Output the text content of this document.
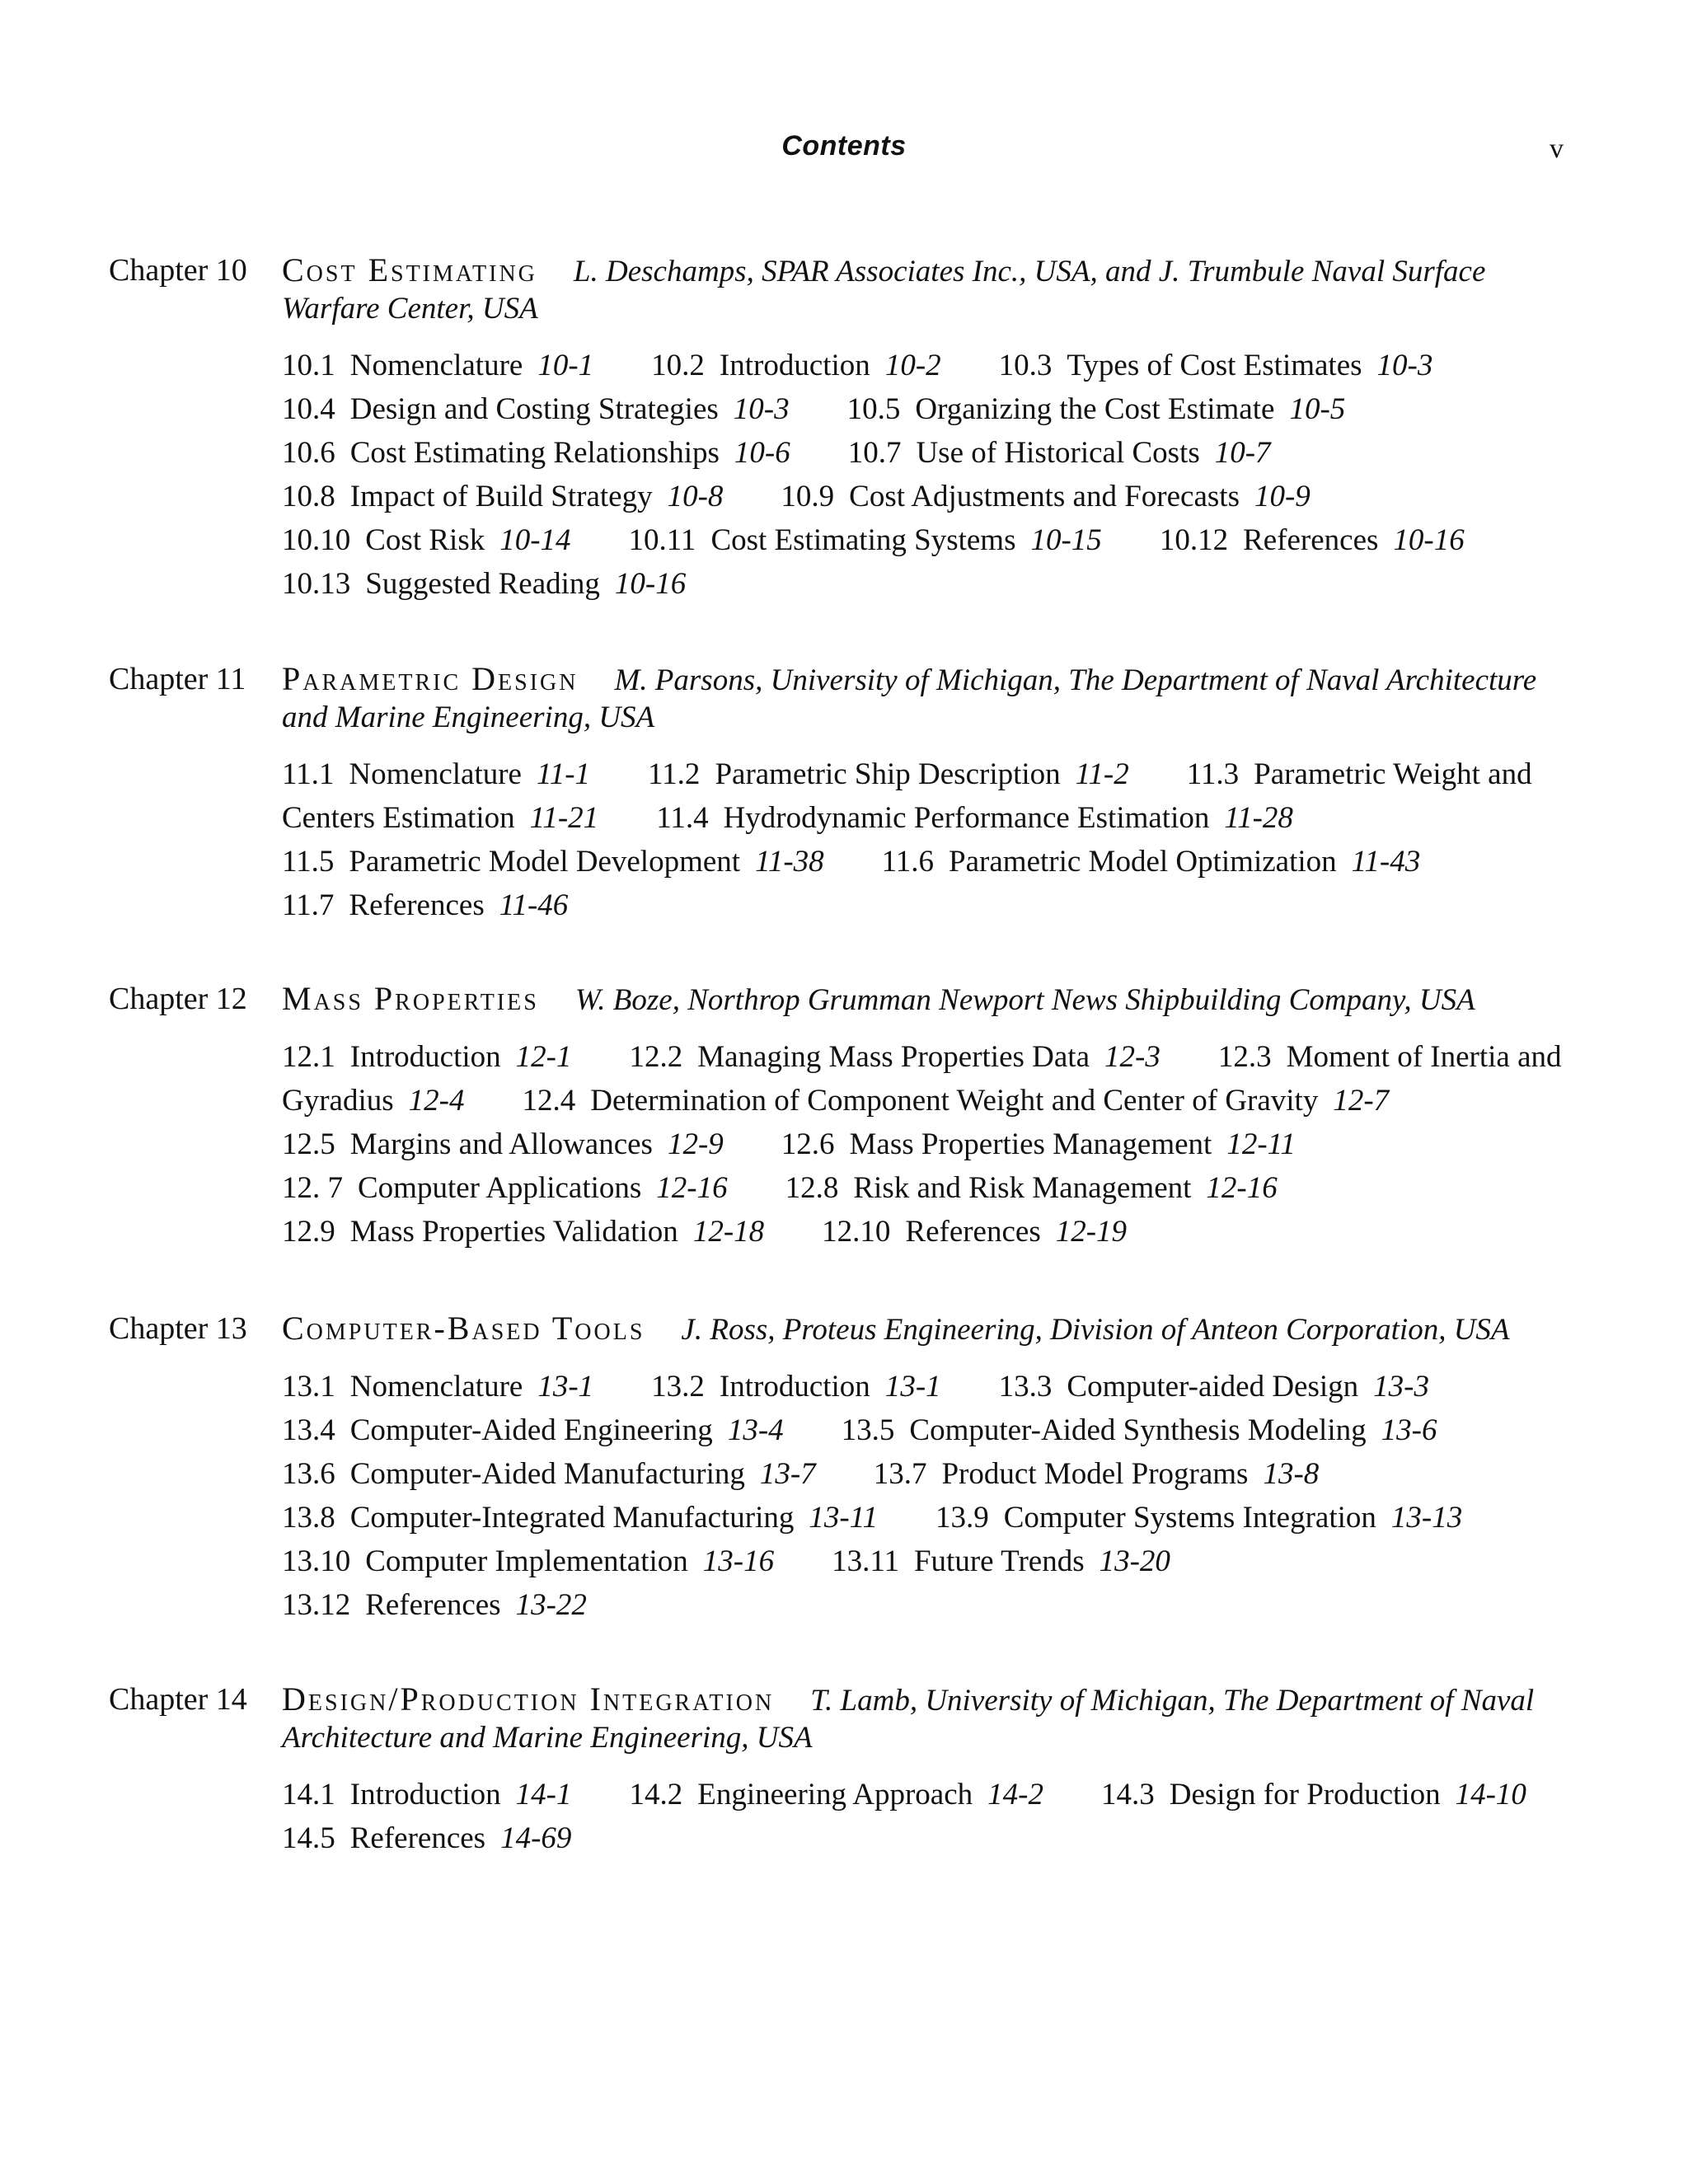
Contents	v
Chapter 10 Cost Estimating L. Deschamps, SPAR Associates Inc., USA, and J. Trumbule Naval Surface Warfare Center, USA
10.1 Nomenclature 10-1 10.2 Introduction 10-2 10.3 Types of Cost Estimates 10-3
10.4 Design and Costing Strategies 10-3 10.5 Organizing the Cost Estimate 10-5
10.6 Cost Estimating Relationships 10-6 10.7 Use of Historical Costs 10-7
10.8 Impact of Build Strategy 10-8 10.9 Cost Adjustments and Forecasts 10-9
10.10 Cost Risk 10-14 10.11 Cost Estimating Systems 10-15 10.12 References 10-16
10.13 Suggested Reading 10-16
Chapter 11 Parametric Design M. Parsons, University of Michigan, The Department of Naval Architecture and Marine Engineering, USA
11.1 Nomenclature 11-1 11.2 Parametric Ship Description 11-2 11.3 Parametric Weight and
Centers Estimation 11-21 11.4 Hydrodynamic Performance Estimation 11-28
11.5 Parametric Model Development 11-38 11.6 Parametric Model Optimization 11-43
11.7 References 11-46
Chapter 12 Mass Properties W. Boze, Northrop Grumman Newport News Shipbuilding Company, USA
12.1 Introduction 12-1 12.2 Managing Mass Properties Data 12-3 12.3 Moment of Inertia and
Gyradius 12-4 12.4 Determination of Component Weight and Center of Gravity 12-7
12.5 Margins and Allowances 12-9 12.6 Mass Properties Management 12-11
12. 7 Computer Applications 12-16 12.8 Risk and Risk Management 12-16
12.9 Mass Properties Validation 12-18 12.10 References 12-19
Chapter 13 Computer-Based Tools J. Ross, Proteus Engineering, Division of Anteon Corporation, USA
13.1 Nomenclature 13-1 13.2 Introduction 13-1 13.3 Computer-aided Design 13-3
13.4 Computer-Aided Engineering 13-4 13.5 Computer-Aided Synthesis Modeling 13-6
13.6 Computer-Aided Manufacturing 13-7 13.7 Product Model Programs 13-8
13.8 Computer-Integrated Manufacturing 13-11 13.9 Computer Systems Integration 13-13
13.10 Computer Implementation 13-16 13.11 Future Trends 13-20
13.12 References 13-22
Chapter 14 Design/Production Integration T. Lamb, University of Michigan, The Department of Naval Architecture and Marine Engineering, USA
14.1 Introduction 14-1 14.2 Engineering Approach 14-2 14.3 Design for Production 14-10
14.5 References 14-69
